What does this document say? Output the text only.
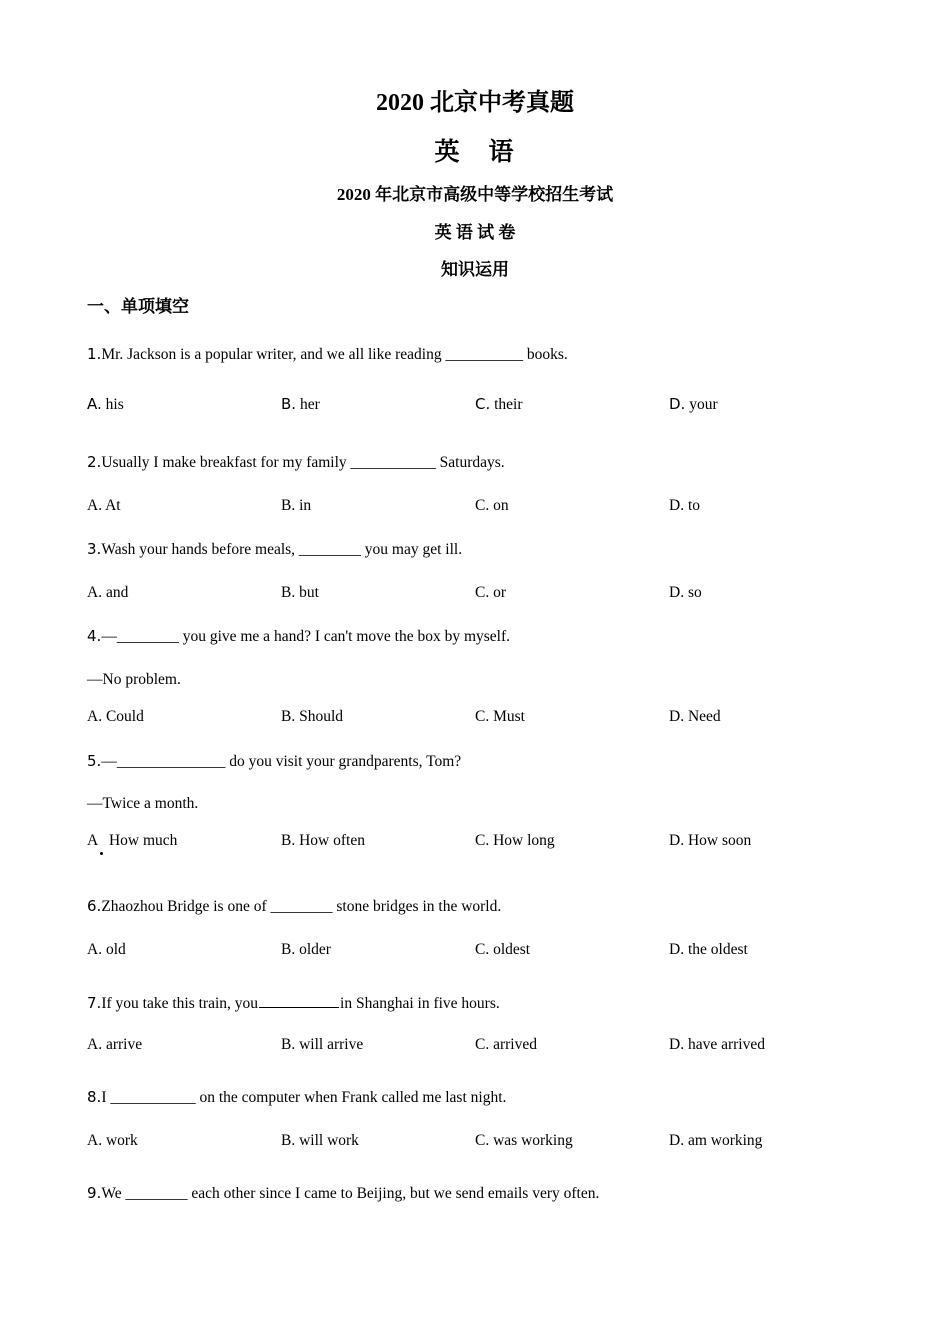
2020 北京中考真题
英　语
2020 年北京市高级中等学校招生考试
英 语 试 卷
知识运用
一、单项填空
1.Mr. Jackson is a popular writer, and we all like reading __________ books.
A. his	B. her	C. their	D. your
2.Usually I make breakfast for my family ___________ Saturdays.
A. At	B. in	C. on	D. to
3.Wash your hands before meals, ________ you may get ill.
A. and	B. but	C. or	D. so
4.—________ you give me a hand? I can't move the box by myself.
—No problem.
A. Could	B. Should	C. Must	D. Need
5.—______________ do you visit your grandparents, Tom?
—Twice a month.
A   How much	B. How often	C. How long	D. How soon
6.Zhaozhou Bridge is one of ________ stone bridges in the world.
A. old	B. older	C. oldest	D. the oldest
7.If you take this train, you	in Shanghai in five hours.
A. arrive	B. will arrive	C. arrived	D. have arrived
8.I ___________ on the computer when Frank called me last night.
A. work	B. will work	C. was working	D. am working
9.We ________ each other since I came to Beijing, but we send emails very often.
